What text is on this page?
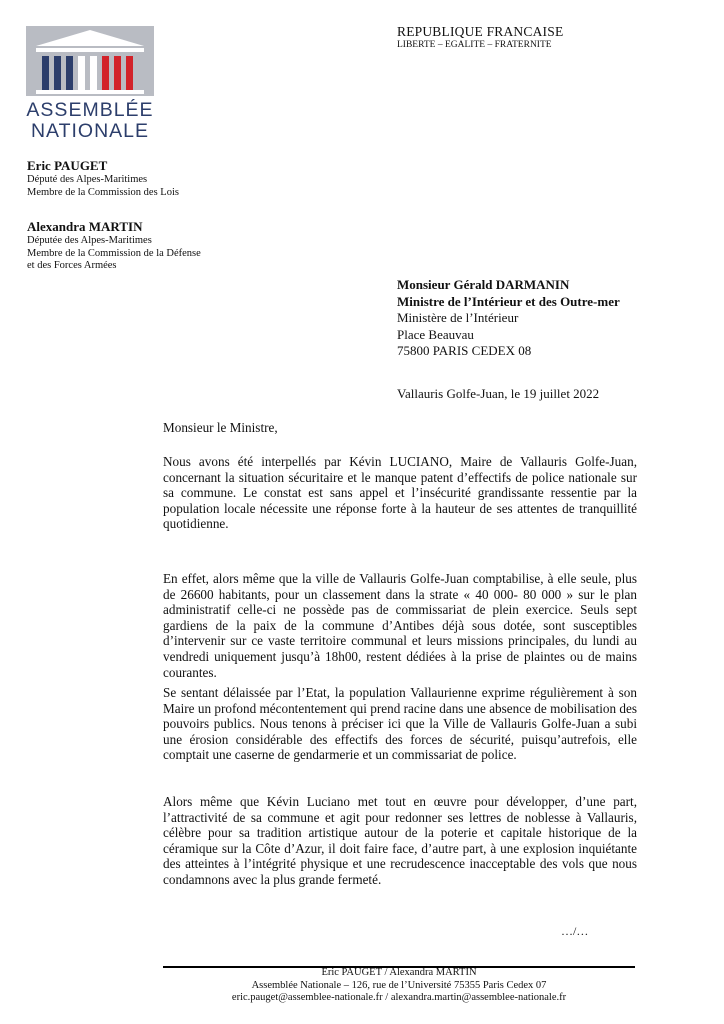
ASSEMBLÉE
NATIONALE
REPUBLIQUE FRANCAISE
LIBERTE – EGALITE – FRATERNITE
Eric PAUGET
Député des Alpes-Maritimes
Membre de la Commission des Lois
Alexandra MARTIN
Députée des Alpes-Maritimes
Membre de la Commission de la Défense
et des Forces Armées
Monsieur Gérald DARMANIN
Ministre de l’Intérieur et des Outre-mer
Ministère de l’Intérieur
Place Beauvau
75800 PARIS CEDEX 08
Vallauris Golfe-Juan, le 19 juillet 2022
Monsieur le Ministre,
Nous avons été interpellés par Kévin LUCIANO, Maire de Vallauris Golfe-Juan, concernant la situation sécuritaire et le manque patent d’effectifs de police nationale sur sa commune. Le constat est sans appel et l’insécurité grandissante ressentie par la population locale nécessite une réponse forte à la hauteur de ses attentes de tranquillité quotidienne.
En effet, alors même que la ville de Vallauris Golfe-Juan comptabilise, à elle seule, plus de 26600 habitants, pour un classement dans la strate « 40 000- 80 000 » sur le plan administratif celle-ci ne possède pas de commissariat de plein exercice. Seuls sept gardiens de la paix de la commune d’Antibes déjà sous dotée, sont susceptibles d’intervenir sur ce vaste territoire communal et leurs missions principales, du lundi au vendredi uniquement jusqu’à 18h00, restent dédiées à la prise de plaintes ou de mains courantes.
Se sentant délaissée par l’Etat, la population Vallaurienne exprime régulièrement à son Maire un profond mécontentement qui prend racine dans une absence de mobilisation des pouvoirs publics. Nous tenons à préciser ici que la Ville de Vallauris Golfe-Juan a subi une érosion considérable des effectifs des forces de sécurité, puisqu’autrefois, elle comptait une caserne de gendarmerie et un commissariat de police.
Alors même que Kévin Luciano met tout en œuvre pour développer, d’une part, l’attractivité de sa commune et agit pour redonner ses lettres de noblesse à Vallauris, célèbre pour sa tradition artistique autour de la poterie et capitale historique de la céramique sur la Côte d’Azur, il doit faire face, d’autre part, à une explosion inquiétante des atteintes à l’intégrité physique et une recrudescence inacceptable des vols que nous condamnons avec la plus grande fermeté.
…/…
Eric PAUGET / Alexandra MARTIN
Assemblée Nationale – 126, rue de l’Université 75355 Paris Cedex 07
eric.pauget@assemblee-nationale.fr / alexandra.martin@assemblee-nationale.fr
